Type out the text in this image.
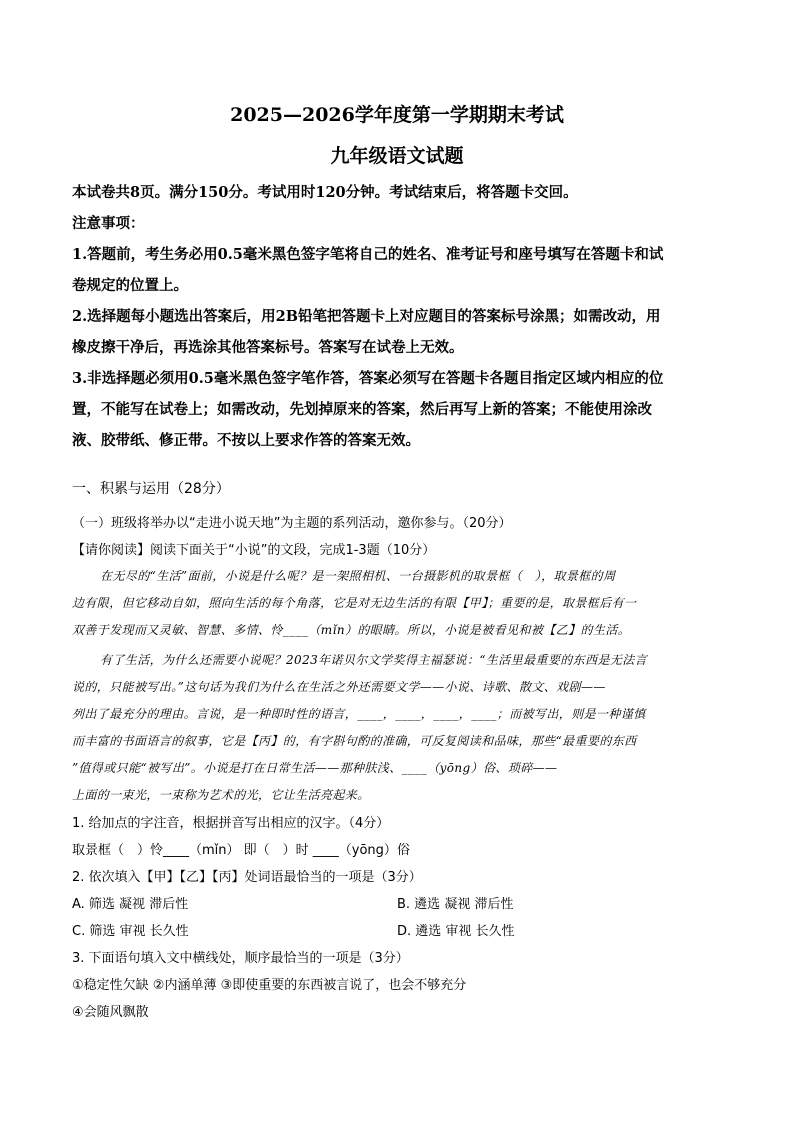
2025—2026学年度第一学期期末考试
九年级语文试题
本试卷共8页。满分150分。考试用时120分钟。考试结束后，将答题卡交回。
注意事项：
1.答题前，考生务必用0.5毫米黑色签字笔将自己的姓名、准考证号和座号填写在答题卡和试
卷规定的位置上。
2.选择题每小题选出答案后，用2B铅笔把答题卡上对应题目的答案标号涂黑；如需改动，用
橡皮擦干净后，再选涂其他答案标号。答案写在试卷上无效。
3.非选择题必须用0.5毫米黑色签字笔作答，答案必须写在答题卡各题目指定区域内相应的位
置，不能写在试卷上；如需改动，先划掉原来的答案，然后再写上新的答案；不能使用涂改
液、胶带纸、修正带。不按以上要求作答的答案无效。
一、积累与运用（28分）
（一）班级将举办以“走进小说天地”为主题的系列活动，邀你参与。（20分）
【请你阅读】阅读下面关于“小说”的文段，完成1-3题（10分）
在无尽的“生活”面前，小说是什么呢？是一架照相机、一台摄影机的取景框（　），取景框的周
边有限，但它移动自如，照向生活的每个角落，它是对无边生活的有限【甲】；重要的是，取景框后有一
双善于发现而又灵敏、智慧、多情、怜____（mǐn）的眼睛。所以，小说是被看见和被【乙】的生活。
有了生活，为什么还需要小说呢？2023年诺贝尔文学奖得主福瑟说：“生活里最重要的东西是无法言
说的，只能被写出。”这句话为我们为什么在生活之外还需要文学——小说、诗歌、散文、戏剧——
列出了最充分的理由。言说，是一种即时性的语言，____，____，____，____；而被写出，则是一种谨慎
而丰富的书面语言的叙事，它是【丙】的，有字斟句酌的准确，可反复阅读和品味，那些“最重要的东西
”值得或只能“被写出”。小说是打在日常生活——那种肤浅、____（yōng）俗、琐碎——
上面的一束光，一束称为艺术的光，它让生活亮起来。
1. 给加点的字注音，根据拼音写出相应的汉字。（4分）
取景框（　）怜____（mǐn） 即（　）时 ____（yōng）俗
2. 依次填入【甲】【乙】【丙】处词语最恰当的一项是（3分）
A. 筛选 凝视 滞后性	B. 遴选 凝视 滞后性
C. 筛选 审视 长久性	D. 遴选 审视 长久性
3. 下面语句填入文中横线处，顺序最恰当的一项是（3分）
①稳定性欠缺 ②内涵单薄 ③即使重要的东西被言说了，也会不够充分
④会随风飘散
